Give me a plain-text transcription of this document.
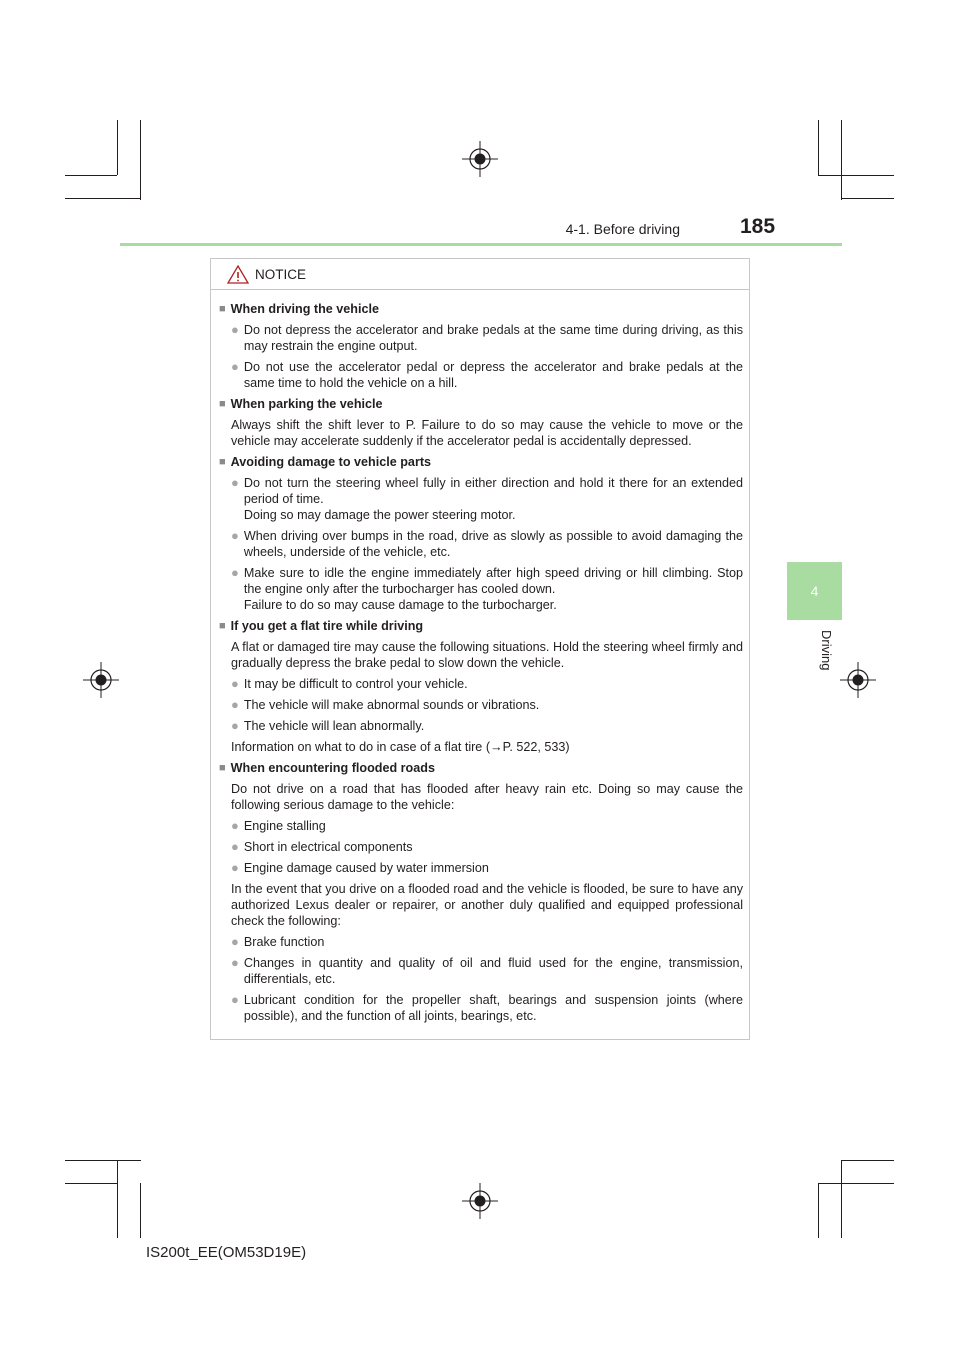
4-1. Before driving	185
4
Driving
NOTICE
■ When driving the vehicle
● Do not depress the accelerator and brake pedals at the same time during driving, as this may restrain the engine output.
● Do not use the accelerator pedal or depress the accelerator and brake pedals at the same time to hold the vehicle on a hill.
■ When parking the vehicle
Always shift the shift lever to P. Failure to do so may cause the vehicle to move or the vehicle may accelerate suddenly if the accelerator pedal is accidentally depressed.
■ Avoiding damage to vehicle parts
● Do not turn the steering wheel fully in either direction and hold it there for an extended period of time.
Doing so may damage the power steering motor.
● When driving over bumps in the road, drive as slowly as possible to avoid damaging the wheels, underside of the vehicle, etc.
● Make sure to idle the engine immediately after high speed driving or hill climbing. Stop the engine only after the turbocharger has cooled down.
Failure to do so may cause damage to the turbocharger.
■ If you get a flat tire while driving
A flat or damaged tire may cause the following situations. Hold the steering wheel firmly and gradually depress the brake pedal to slow down the vehicle.
● It may be difficult to control your vehicle.
● The vehicle will make abnormal sounds or vibrations.
● The vehicle will lean abnormally.
Information on what to do in case of a flat tire (→P. 522, 533)
■ When encountering flooded roads
Do not drive on a road that has flooded after heavy rain etc. Doing so may cause the following serious damage to the vehicle:
● Engine stalling
● Short in electrical components
● Engine damage caused by water immersion
In the event that you drive on a flooded road and the vehicle is flooded, be sure to have any authorized Lexus dealer or repairer, or another duly qualified and equipped professional check the following:
● Brake function
● Changes in quantity and quality of oil and fluid used for the engine, transmission, differentials, etc.
● Lubricant condition for the propeller shaft, bearings and suspension joints (where possible), and the function of all joints, bearings, etc.
IS200t_EE(OM53D19E)
